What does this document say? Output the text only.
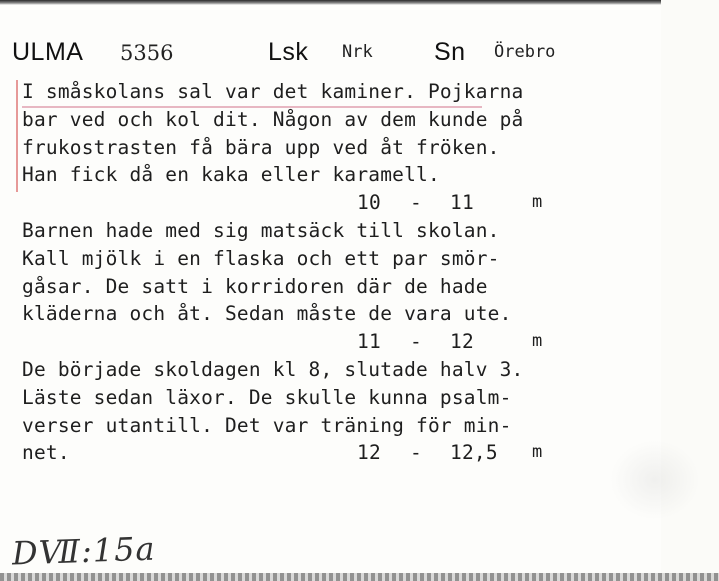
ULMA 5356	Lsk Nrk Sn Örebro
I småskolans sal var det kaminer. Pojkarna
bar ved och kol dit. Någon av dem kunde på
frukostrasten få bära upp ved åt fröken.
Han fick då en kaka eller karamell.
10 - 11	m
Barnen hade med sig matsäck till skolan.
Kall mjölk i en flaska och ett par smör-
gåsar. De satt i korridoren där de hade
kläderna och åt. Sedan måste de vara ute.
11 - 12	m
De började skoldagen kl 8, slutade halv 3.
Läste sedan läxor. De skulle kunna psalm-
verser utantill. Det var träning för min-
net.	12 - 12,5 m
DⅦ:15a
